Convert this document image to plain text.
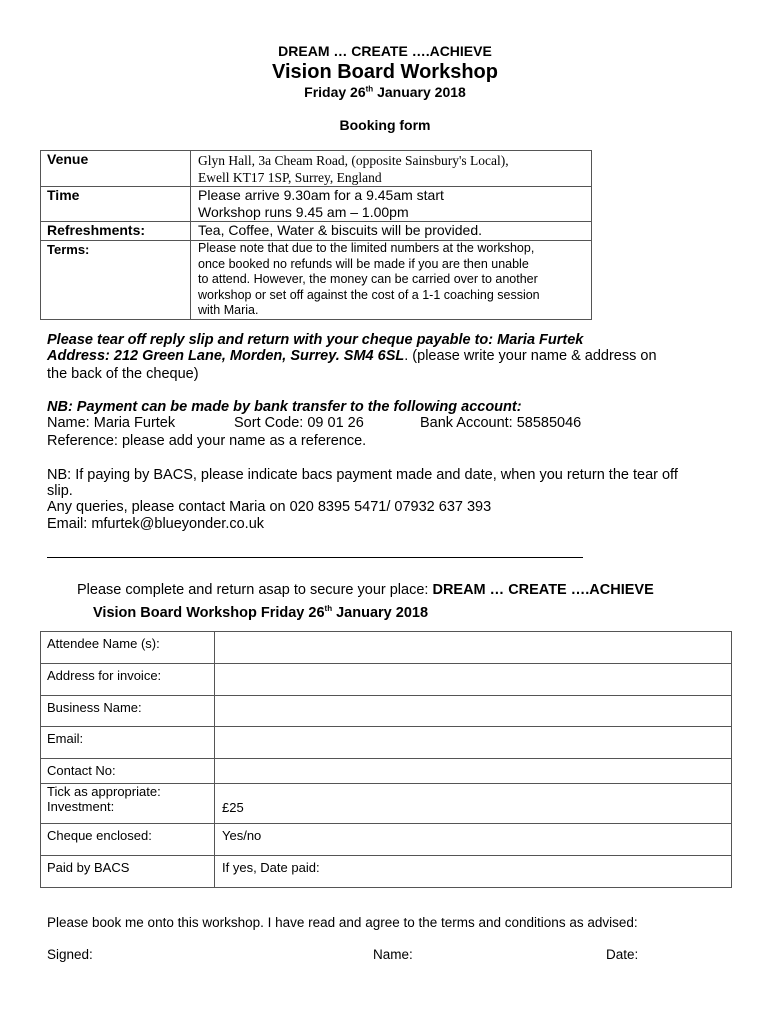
DREAM … CREATE ….ACHIEVE
Vision Board Workshop
Friday 26th January 2018
Booking form
Venue	Glyn Hall, 3a Cheam Road, (opposite Sainsbury's Local),
Ewell KT17 1SP, Surrey, England

Time	Please arrive 9.30am for a 9.45am start
Workshop runs 9.45 am – 1.00pm

Refreshments:	Tea, Coffee, Water & biscuits will be provided.
Terms:	Please note that due to the limited numbers at the workshop,
once booked no refunds will be made if you are then unable
to attend. However, the money can be carried over to another
workshop or set off against the cost of a 1-1 coaching session
with Maria.
Please tear off reply slip and return with your cheque payable to: Maria Furtek
Address: 212 Green Lane, Morden, Surrey. SM4 6SL. (please write your name & address on
the back of the cheque)
NB: Payment can be made by bank transfer to the following account:
Name: Maria Furtek	Sort Code: 09 01 26	Bank Account: 58585046
Reference: please add your name as a reference.
NB: If paying by BACS, please indicate bacs payment made and date, when you return the tear off
slip.
Any queries, please contact Maria on 020 8395 5471/ 07932 637 393
Email: mfurtek@blueyonder.co.uk
Please complete and return asap to secure your place: DREAM … CREATE ….ACHIEVE
Vision Board Workshop Friday 26th January 2018
Attendee Name (s):	
Address for invoice:	
Business Name:	
Email:	
Contact No:	

Tick as appropriate:
Investment:	£25
Cheque enclosed:	Yes/no
Paid by BACS	If yes, Date paid:
Please book me onto this workshop. I have read and agree to the terms and conditions as advised:
Signed:	Name:	Date:
